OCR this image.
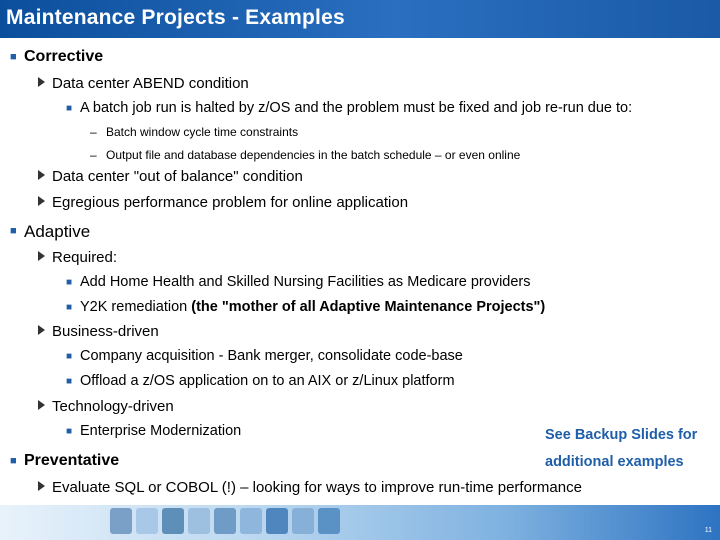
Maintenance Projects - Examples
■ Corrective
Data center ABEND condition
■ A batch job run is halted by z/OS and the problem must be fixed and job re-run due to:
– Batch window cycle time constraints
– Output file and database dependencies in the batch schedule – or even online
Data center "out of balance" condition
Egregious performance problem for online application
■ Adaptive
Required:
■ Add Home Health and Skilled Nursing Facilities as Medicare providers
■ Y2K remediation (the "mother of all Adaptive Maintenance Projects")
Business-driven
■ Company acquisition - Bank merger, consolidate code-base
■ Offload a z/OS application on to an AIX or z/Linux platform
Technology-driven
■ Enterprise Modernization
■ Preventative
Evaluate SQL or COBOL (!) – looking for ways to improve run-time performance
See Backup Slides for
additional examples
11
